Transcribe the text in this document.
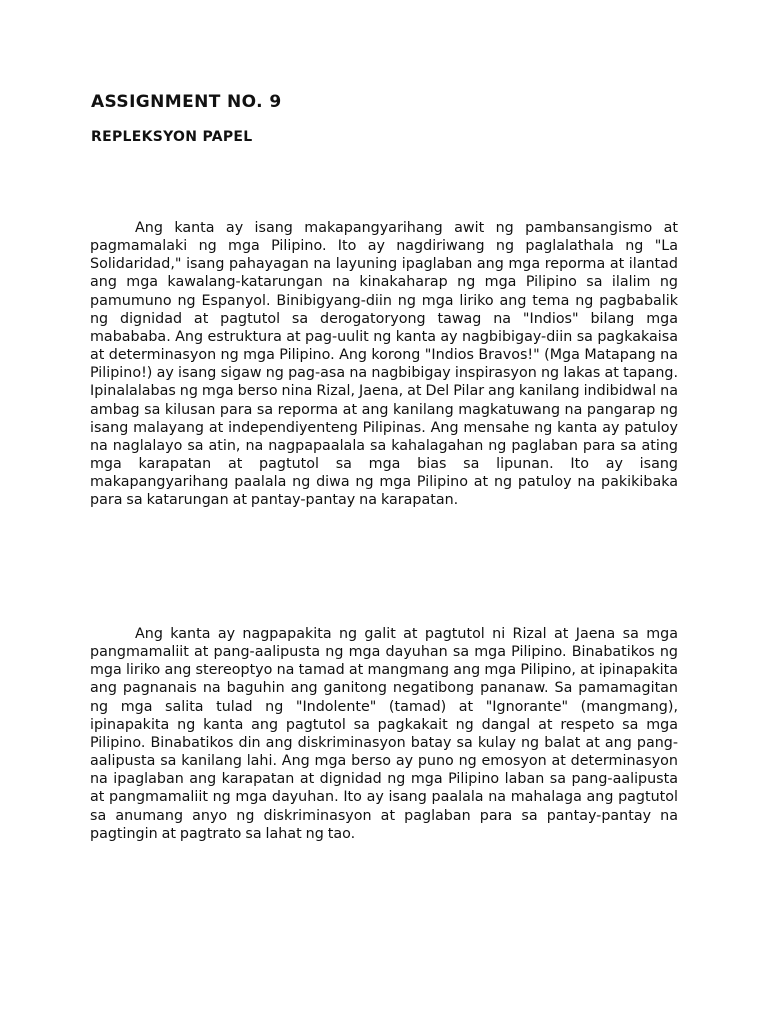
ASSIGNMENT NO. 9
REPLEKSYON PAPEL

Ang kanta ay isang makapangyarihang awit ng pambansangismo at pagmamalaki ng mga Pilipino. Ito ay nagdiriwang ng paglalathala ng "La Solidaridad," isang pahayagan na layuning ipaglaban ang mga reporma at ilantad ang mga kawalang-katarungan na kinakaharap ng mga Pilipino sa ilalim ng pamumuno ng Espanyol. Binibigyang-diin ng mga liriko ang tema ng pagbabalik ng dignidad at pagtutol sa derogatoryong tawag na "Indios" bilang mga mabababa. Ang estruktura at pag-uulit ng kanta ay nagbibigay-diin sa pagkakaisa at determinasyon ng mga Pilipino. Ang korong "Indios Bravos!" (Mga Matapang na Pilipino!) ay isang sigaw ng pag-asa na nagbibigay inspirasyon ng lakas at tapang. Ipinalalabas ng mga berso nina Rizal, Jaena, at Del Pilar ang kanilang indibidwal na ambag sa kilusan para sa reporma at ang kanilang magkatuwang na pangarap ng isang malayang at independiyenteng Pilipinas. Ang mensahe ng kanta ay patuloy na naglalayo sa atin, na nagpapaalala sa kahalagahan ng paglaban para sa ating mga karapatan at pagtutol sa mga bias sa lipunan. Ito ay isang makapangyarihang paalala ng diwa ng mga Pilipino at ng patuloy na pakikibaka para sa katarungan at pantay-pantay na karapatan.

Ang kanta ay nagpapakita ng galit at pagtutol ni Rizal at Jaena sa mga pangmamaliit at pang-aalipusta ng mga dayuhan sa mga Pilipino. Binabatikos ng mga liriko ang stereoptyo na tamad at mangmang ang mga Pilipino, at ipinapakita ang pagnanais na baguhin ang ganitong negatibong pananaw. Sa pamamagitan ng mga salita tulad ng "Indolente" (tamad) at "Ignorante" (mangmang), ipinapakita ng kanta ang pagtutol sa pagkakait ng dangal at respeto sa mga Pilipino. Binabatikos din ang diskriminasyon batay sa kulay ng balat at ang pang-aalipusta sa kanilang lahi. Ang mga berso ay puno ng emosyon at determinasyon na ipaglaban ang karapatan at dignidad ng mga Pilipino laban sa pang-aalipusta at pangmamaliit ng mga dayuhan. Ito ay isang paalala na mahalaga ang pagtutol sa anumang anyo ng diskriminasyon at paglaban para sa pantay-pantay na pagtingin at pagtrato sa lahat ng tao.
